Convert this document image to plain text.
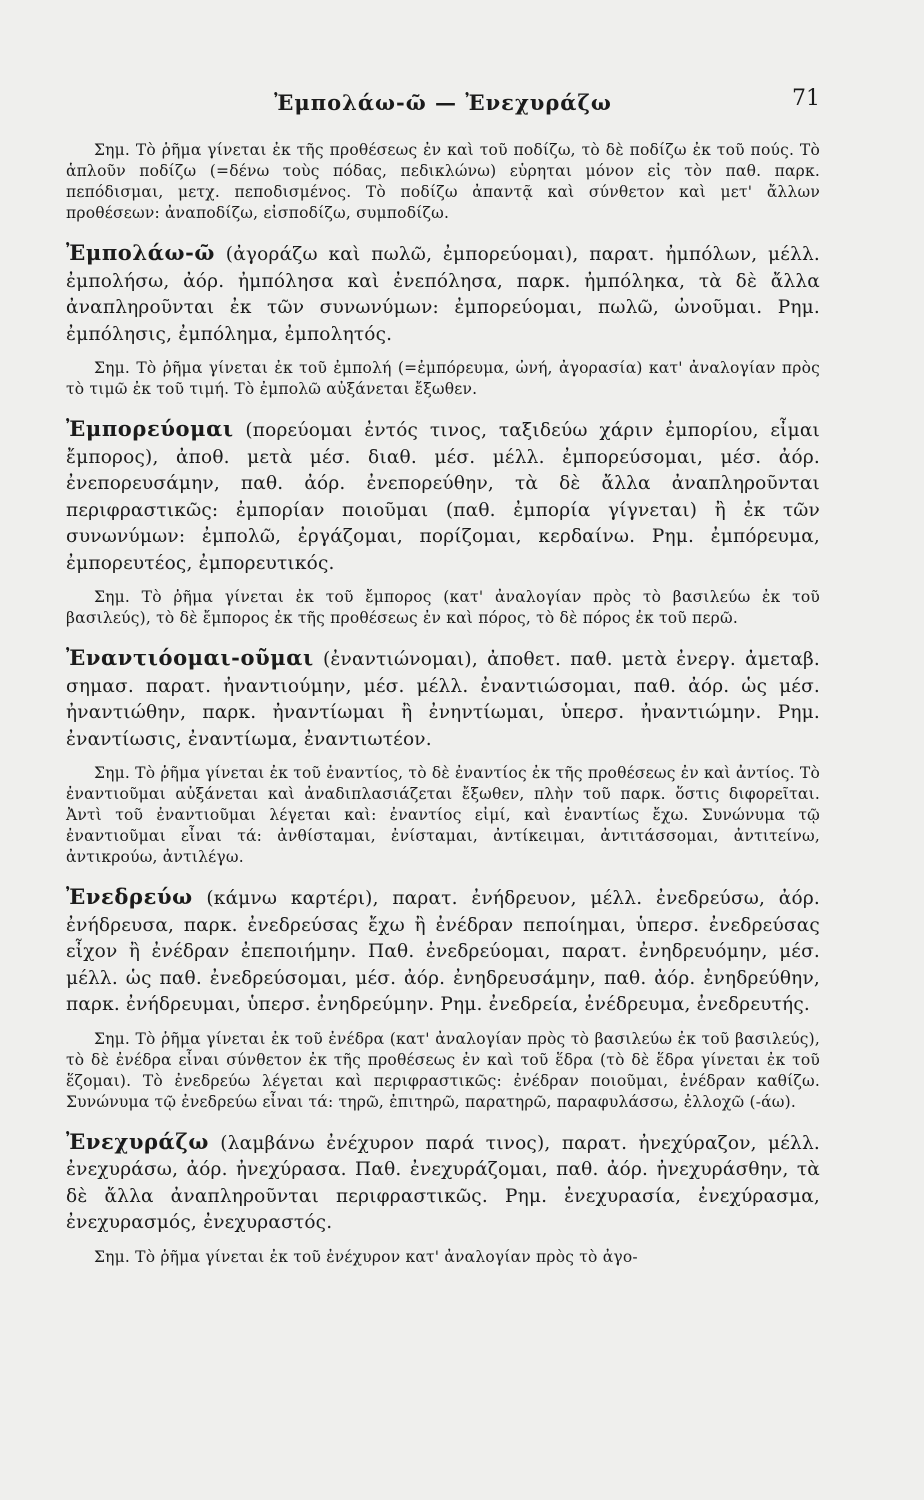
Ἐμπολάω-ῶ — Ἐνεχυράζω	71
Σημ. Τὸ ῥῆμα γίνεται ἐκ τῆς προθέσεως ἐν καὶ τοῦ ποδίζω, τὸ δὲ ποδίζω ἐκ τοῦ πούς. Τὸ ἁπλοῦν ποδίζω (=δένω τοὺς πόδας, πεδικλώνω) εὑρηται μόνον εἰς τὸν παθ. παρκ. πεπόδισμαι, μετχ. πεποδισμένος. Τὸ ποδίζω ἀπαντᾷ καὶ σύνθετον καὶ μετ' ἄλλων προθέσεων: ἀναποδίζω, εἰσποδίζω, συμποδίζω.
Ἐμπολάω-ῶ (ἀγοράζω καὶ πωλῶ, ἐμπορεύομαι), παρατ. ἠμπόλων, μέλλ. ἐμπολήσω, ἀόρ. ἠμπόλησα καὶ ἐνεπόλησα, παρκ. ἠμπόληκα, τὰ δὲ ἄλλα ἀναπληροῦνται ἐκ τῶν συνωνύμων: ἐμπορεύομαι, πωλῶ, ὠνοῦμαι. Ρημ. ἐμπόλησις, ἐμπόλημα, ἐμπολητός.
Σημ. Τὸ ῥῆμα γίνεται ἐκ τοῦ ἐμπολή (=ἐμπόρευμα, ὠνή, ἀγορασία) κατ' ἀναλογίαν πρὸς τὸ τιμῶ ἐκ τοῦ τιμή. Τὸ ἐμπολῶ αὐξάνεται ἔξωθεν.
Ἐμπορεύομαι (πορεύομαι ἐντός τινος, ταξιδεύω χάριν ἐμπορίου, εἶμαι ἔμπορος), ἀποθ. μετὰ μέσ. διαθ. μέσ. μέλλ. ἐμπορεύσομαι, μέσ. ἀόρ. ἐνεπορευσάμην, παθ. ἀόρ. ἐνεπορεύθην, τὰ δὲ ἄλλα ἀναπληροῦνται περιφραστικῶς: ἐμπορίαν ποιοῦμαι (παθ. ἐμπορία γίγνεται) ἢ ἐκ τῶν συνωνύμων: ἐμπολῶ, ἐργάζομαι, πορίζομαι, κερδαίνω. Ρημ. ἐμπόρευμα, ἐμπορευτέος, ἐμπορευτικός.
Σημ. Τὸ ῥῆμα γίνεται ἐκ τοῦ ἔμπορος (κατ' ἀναλογίαν πρὸς τὸ βασιλεύω ἐκ τοῦ βασιλεύς), τὸ δὲ ἔμπορος ἐκ τῆς προθέσεως ἐν καὶ πόρος, τὸ δὲ πόρος ἐκ τοῦ περῶ.
Ἐναντιόομαι-οῦμαι (ἐναντιώνομαι), ἀποθετ. παθ. μετὰ ἐνεργ. ἀμεταβ. σημασ. παρατ. ἠναντιούμην, μέσ. μέλλ. ἐναντιώσομαι, παθ. ἀόρ. ὡς μέσ. ἠναντιώθην, παρκ. ἠναντίωμαι ἢ ἐνηντίωμαι, ὑπερσ. ἠναντιώμην. Ρημ. ἐναντίωσις, ἐναντίωμα, ἐναντιωτέον.
Σημ. Τὸ ῥῆμα γίνεται ἐκ τοῦ ἐναντίος, τὸ δὲ ἐναντίος ἐκ τῆς προθέσεως ἐν καὶ ἀντίος. Τὸ ἐναντιοῦμαι αὐξάνεται καὶ ἀναδιπλασιάζεται ἔξωθεν, πλὴν τοῦ παρκ. ὅστις διφορεῖται. Ἀντὶ τοῦ ἐναντιοῦμαι λέγεται καὶ: ἐναντίος εἰμί, καὶ ἐναντίως ἔχω. Συνώνυμα τῷ ἐναντιοῦμαι εἶναι τά: ἀνθίσταμαι, ἐνίσταμαι, ἀντίκειμαι, ἀντιτάσσομαι, ἀντιτείνω, ἀντικρούω, ἀντιλέγω.
Ἐνεδρεύω (κάμνω καρτέρι), παρατ. ἐνήδρευον, μέλλ. ἐνεδρεύσω, ἀόρ. ἐνήδρευσα, παρκ. ἐνεδρεύσας ἔχω ἢ ἐνέδραν πεποίημαι, ὑπερσ. ἐνεδρεύσας εἶχον ἢ ἐνέδραν ἐπεποιήμην. Παθ. ἐνεδρεύομαι, παρατ. ἐνηδρευόμην, μέσ. μέλλ. ὡς παθ. ἐνεδρεύσομαι, μέσ. ἀόρ. ἐνηδρευσάμην, παθ. ἀόρ. ἐνηδρεύθην, παρκ. ἐνήδρευμαι, ὑπερσ. ἐνηδρεύμην. Ρημ. ἐνεδρεία, ἐνέδρευμα, ἐνεδρευτής.
Σημ. Τὸ ῥῆμα γίνεται ἐκ τοῦ ἐνέδρα (κατ' ἀναλογίαν πρὸς τὸ βασιλεύω ἐκ τοῦ βασιλεύς), τὸ δὲ ἐνέδρα εἶναι σύνθετον ἐκ τῆς προθέσεως ἐν καὶ τοῦ ἕδρα (τὸ δὲ ἕδρα γίνεται ἐκ τοῦ ἕζομαι). Τὸ ἐνεδρεύω λέγεται καὶ περιφραστικῶς: ἐνέδραν ποιοῦμαι, ἐνέδραν καθίζω. Συνώνυμα τῷ ἐνεδρεύω εἶναι τά: τηρῶ, ἐπιτηρῶ, παρατηρῶ, παραφυλάσσω, ἐλλοχῶ (-άω).
Ἐνεχυράζω (λαμβάνω ἐνέχυρον παρά τινος), παρατ. ἠνεχύραζον, μέλλ. ἐνεχυράσω, ἀόρ. ἠνεχύρασα. Παθ. ἐνεχυράζομαι, παθ. ἀόρ. ἠνεχυράσθην, τὰ δὲ ἄλλα ἀναπληροῦνται περιφραστικῶς. Ρημ. ἐνεχυρασία, ἐνεχύρασμα, ἐνεχυρασμός, ἐνεχυραστός.
Σημ. Τὸ ῥῆμα γίνεται ἐκ τοῦ ἐνέχυρον κατ' ἀναλογίαν πρὸς τὸ ἀγο-
